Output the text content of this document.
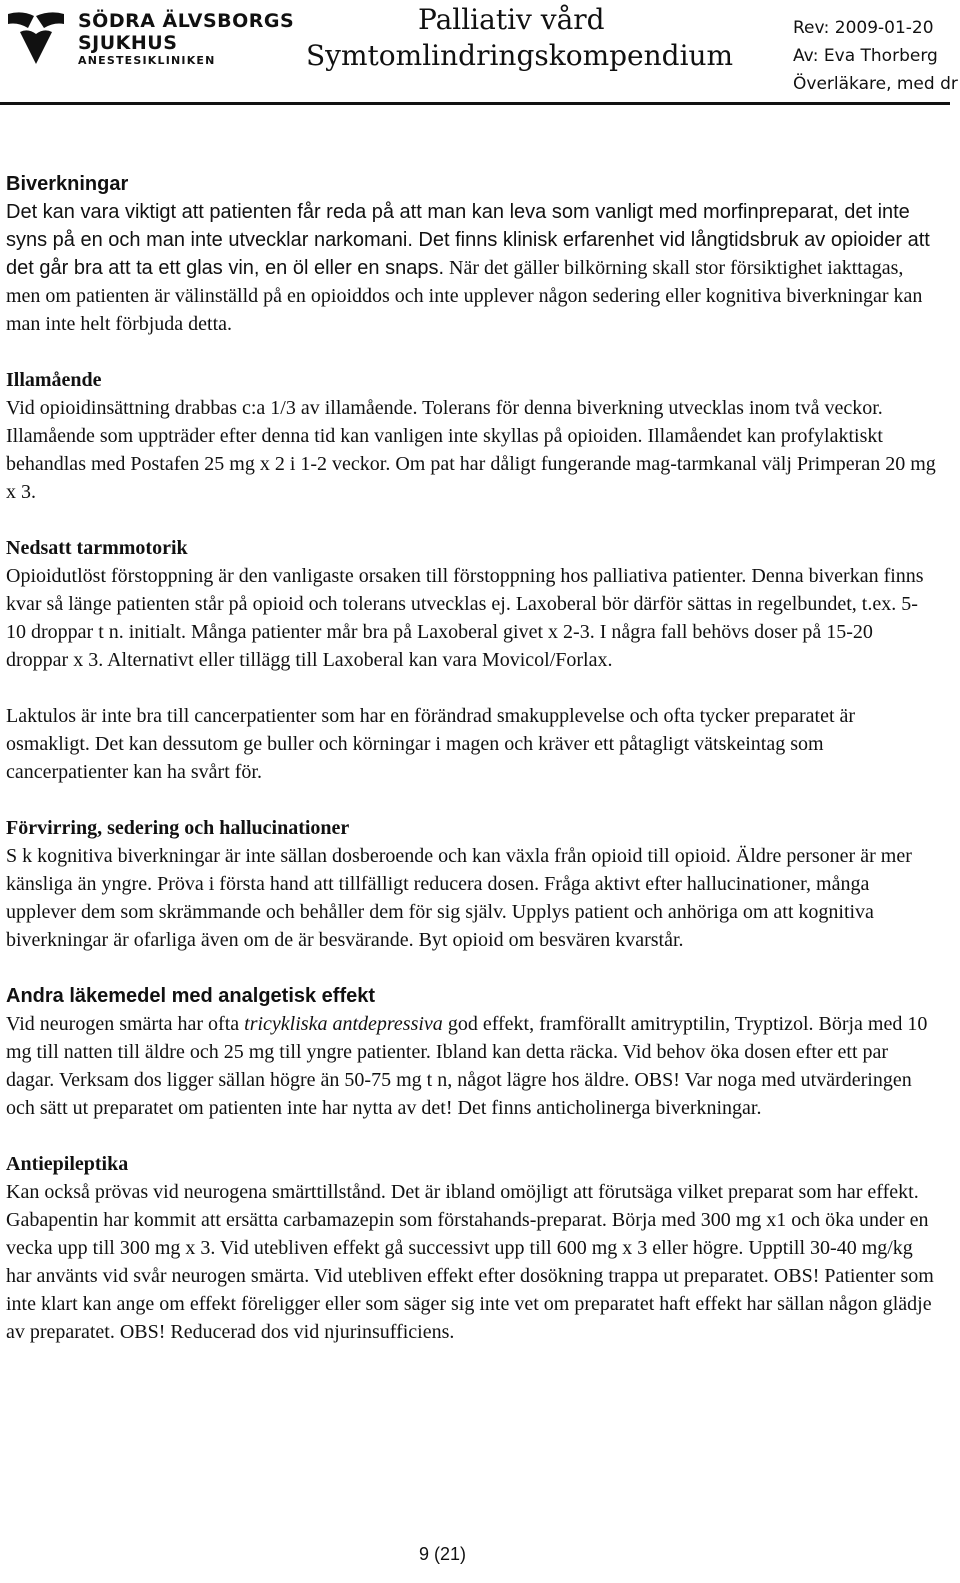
SÖDRA ÄLVSBORGS
SJUKHUS
ANESTESIKLINIKEN
Palliativ vård
Symtomlindringskompendium
Rev: 2009-01-20
Av: Eva Thorberg
Överläkare, med dr
Biverkningar

Det kan vara viktigt att patienten får reda på att man kan leva som vanligt med morfinpreparat, det inte syns på en och man inte utvecklar narkomani. Det finns klinisk erfarenhet vid långtidsbruk av opioider att det går bra att ta ett glas vin, en öl eller en snaps. När det gäller bilkörning skall stor försiktighet iakttagas, men om patienten är välinställd på en opioiddos och inte upplever någon sedering eller kognitiva biverkningar kan man inte helt förbjuda detta.

Illamående

Vid opioidinsättning drabbas c:a 1/3 av illamående. Tolerans för denna biverkning utvecklas inom två veckor. Illamående som uppträder efter denna tid kan vanligen inte skyllas på opioiden. Illamåendet kan profylaktiskt behandlas med Postafen 25 mg x 2 i 1-2 veckor. Om pat har dåligt fungerande mag-tarmkanal välj Primperan 20 mg x 3.

Nedsatt tarmmotorik

Opioidutlöst förstoppning är den vanligaste orsaken till förstoppning hos palliativa patienter. Denna biverkan finns kvar så länge patienten står på opioid och tolerans utvecklas ej. Laxoberal bör därför sättas in regelbundet, t.ex. 5-10 droppar t n. initialt. Många patienter mår bra på Laxoberal givet x 2-3. I några fall behövs doser på 15-20 droppar x 3. Alternativt eller tillägg till Laxoberal kan vara Movicol/Forlax.

Laktulos är inte bra till cancerpatienter som har en förändrad smakupplevelse och ofta tycker preparatet är osmakligt. Det kan dessutom ge buller och körningar i magen och kräver ett påtagligt vätskeintag som cancerpatienter kan ha svårt för.

Förvirring, sedering och hallucinationer

S k kognitiva biverkningar är inte sällan dosberoende och kan växla från opioid till opioid. Äldre personer är mer känsliga än yngre. Pröva i första hand att tillfälligt reducera dosen. Fråga aktivt efter hallucinationer, många upplever dem som skrämmande och behåller dem för sig själv. Upplys patient och anhöriga om att kognitiva biverkningar är ofarliga även om de är besvärande. Byt opioid om besvären kvarstår.

Andra läkemedel med analgetisk effekt

Vid neurogen smärta har ofta tricykliska antdepressiva god effekt, framförallt amitryptilin, Tryptizol. Börja med 10 mg till natten till äldre och 25 mg till yngre patienter. Ibland kan detta räcka. Vid behov öka dosen efter ett par dagar. Verksam dos ligger sällan högre än 50-75 mg t n, något lägre hos äldre. OBS! Var noga med utvärderingen och sätt ut preparatet om patienten inte har nytta av det! Det finns anticholinerga biverkningar.

Antiepileptika

Kan också prövas vid neurogena smärttillstånd. Det är ibland omöjligt att förutsäga vilket preparat som har effekt. Gabapentin har kommit att ersätta carbamazepin som förstahands-preparat. Börja med 300 mg x1 och öka under en vecka upp till 300 mg x 3. Vid utebliven effekt gå successivt upp till 600 mg x 3 eller högre. Upptill 30-40 mg/kg har använts vid svår neurogen smärta. Vid utebliven effekt efter dosökning trappa ut preparatet. OBS! Patienter som inte klart kan ange om effekt föreligger eller som säger sig inte vet om preparatet haft effekt har sällan någon glädje av preparatet. OBS! Reducerad dos vid njurinsufficiens.

9 (21)
